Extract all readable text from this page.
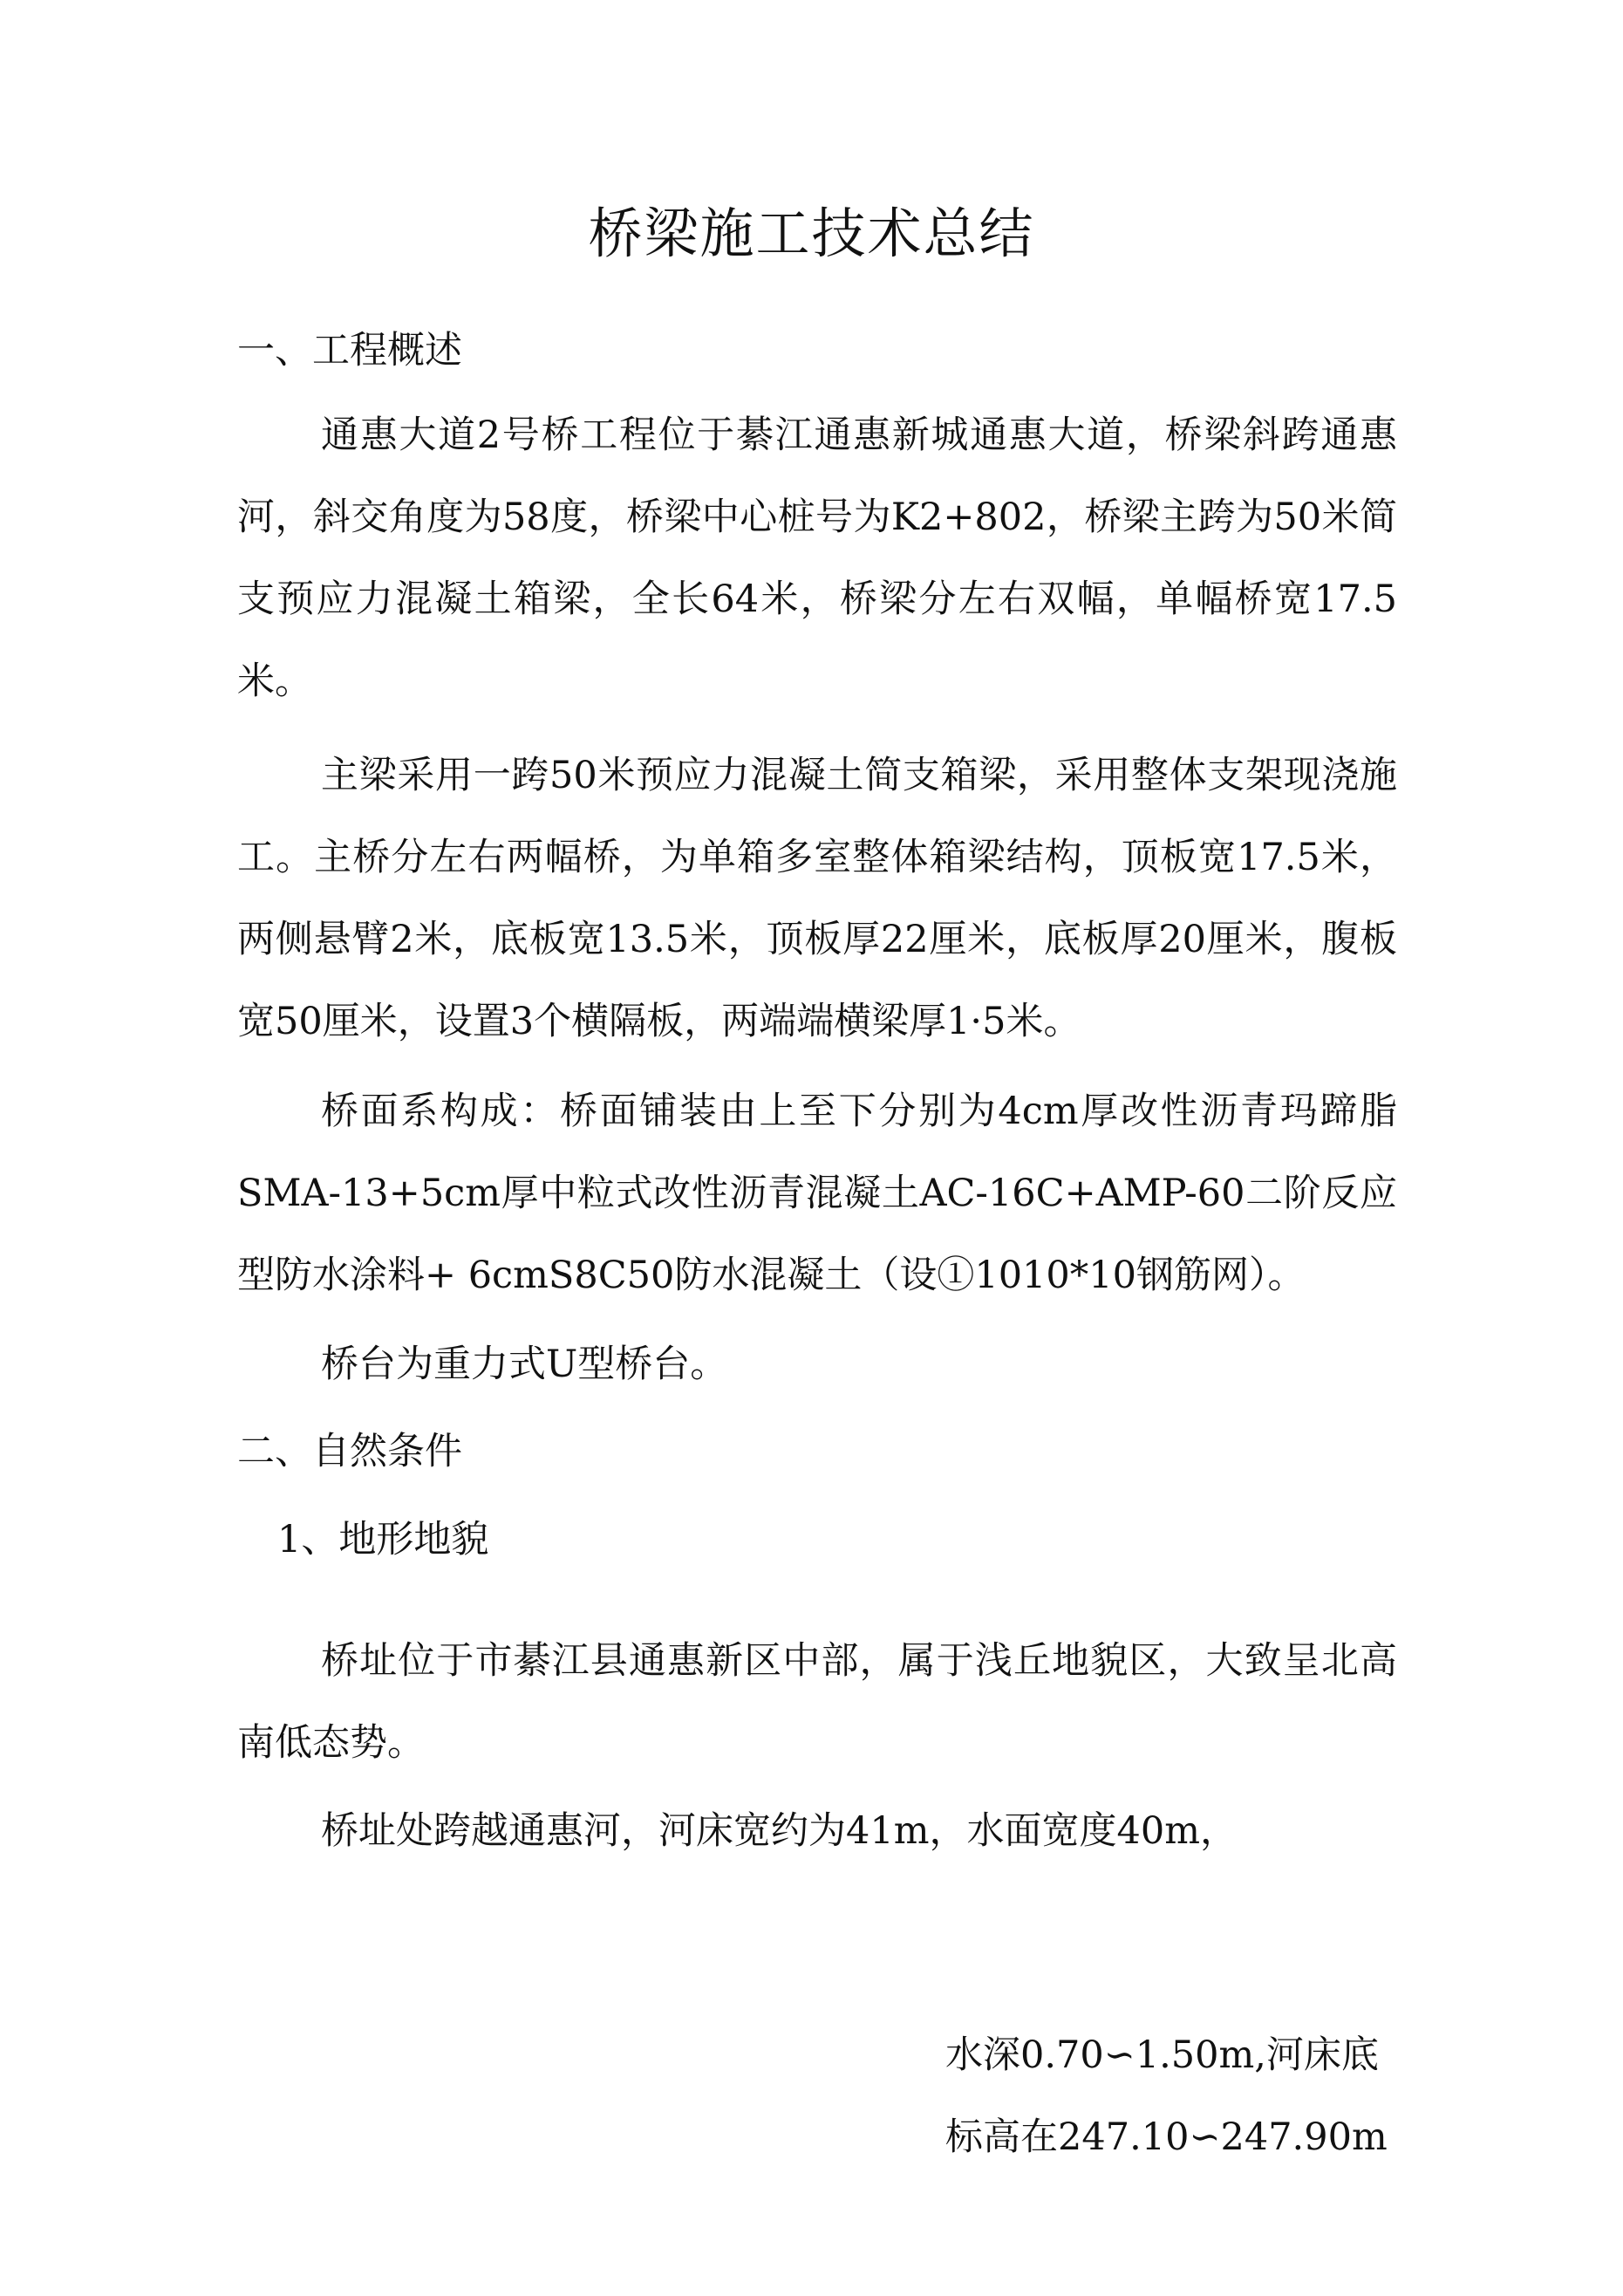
桥梁施工技术总结
一、工程概述

通惠大道2号桥工程位于綦江通惠新城通惠大道，桥梁斜跨通惠河，斜交角度为58度，桥梁中心桩号为K2+802，桥梁主跨为50米简支预应力混凝土箱梁，全长64米，桥梁分左右双幅，单幅桥宽17.5米。

主梁采用一跨50米预应力混凝土简支箱梁，采用整体支架现浇施工。主桥分左右两幅桥，为单箱多室整体箱梁结构，顶板宽17.5米，两侧悬臂2米，底板宽13.5米，顶板厚22厘米，底板厚20厘米，腹板宽50厘米，设置3个横隔板，两端端横梁厚1·5米。

桥面系构成：桥面铺装由上至下分别为4cm厚改性沥青玛蹄脂SMA-13+5cm厚中粒式改性沥青混凝土AC-16C+AMP-60二阶反应型防水涂料+ 6cmS8C50防水混凝土（设①1010*10钢筋网）。

桥台为重力式U型桥台。

二、自然条件
1、地形地貌

桥址位于市綦江县通惠新区中部，属于浅丘地貌区，大致呈北高南低态势。

桥址处跨越通惠河，河床宽约为41m，水面宽度40m，

水深0.70∽1.50m,河床底
标高在247.10∽247.90m
